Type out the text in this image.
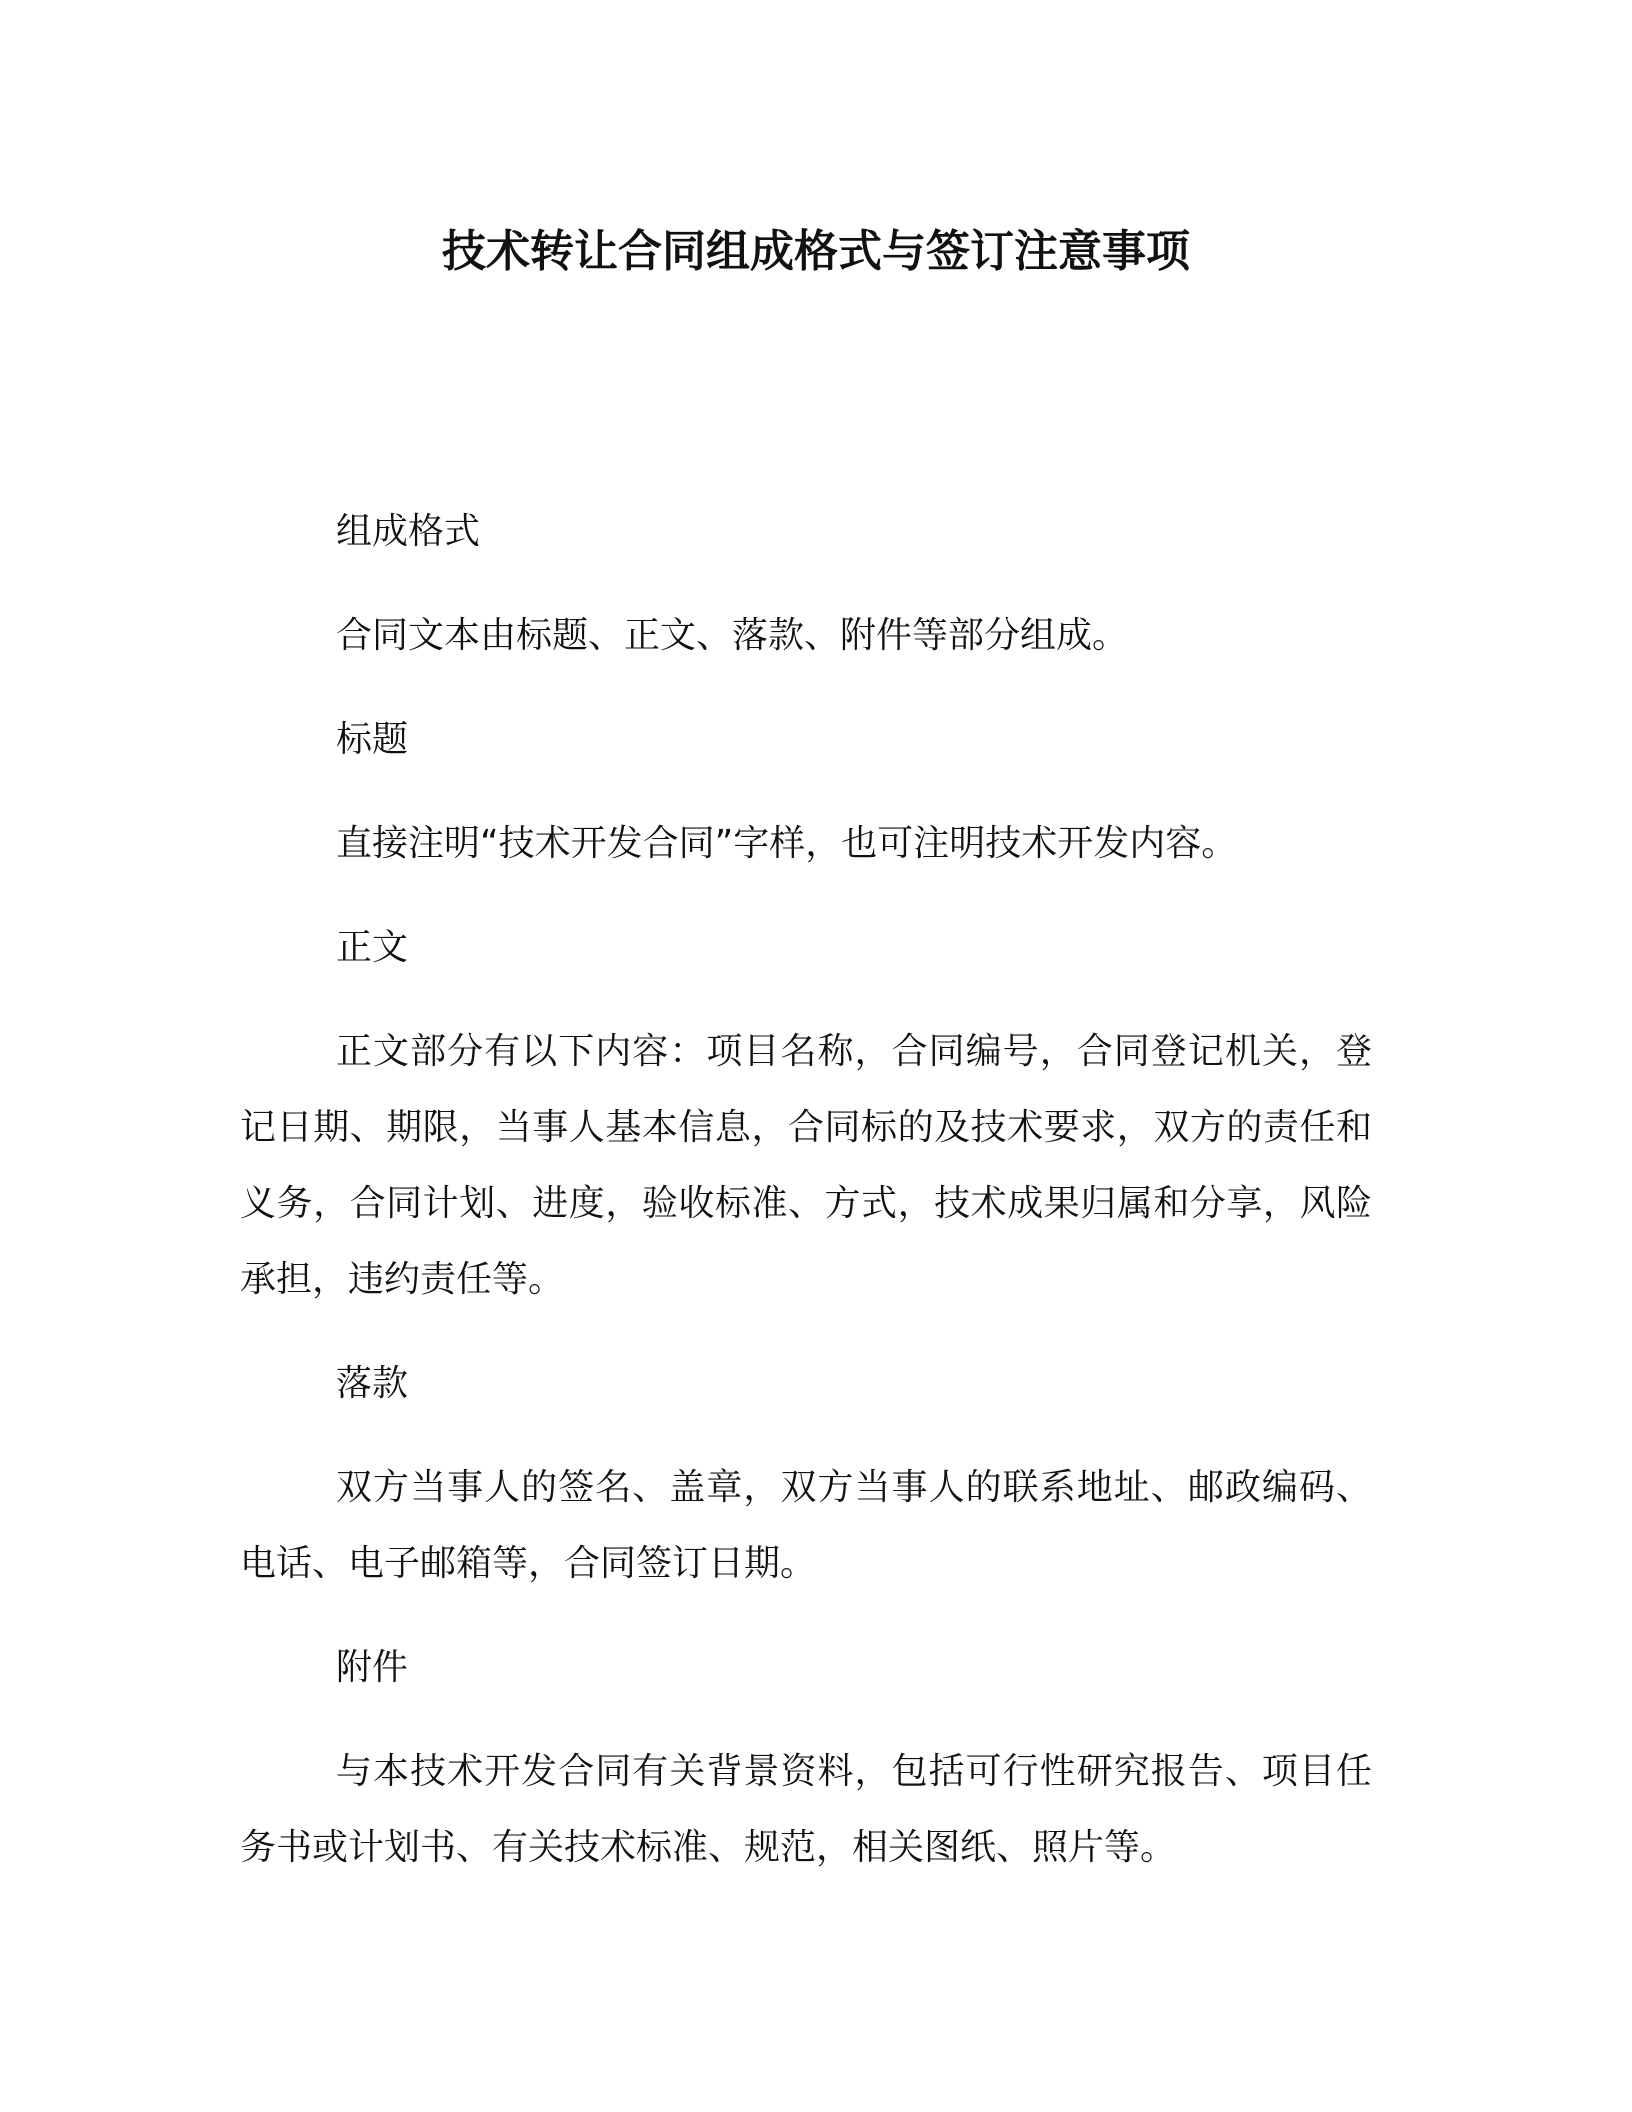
技术转让合同组成格式与签订注意事项

组成格式

合同文本由标题、正文、落款、附件等部分组成。

标题

直接注明“技术开发合同”字样，也可注明技术开发内容。

正文

正文部分有以下内容：项目名称，合同编号，合同登记机关，登记日期、期限，当事人基本信息，合同标的及技术要求，双方的责任和义务，合同计划、进度，验收标准、方式，技术成果归属和分享，风险承担，违约责任等。

落款

双方当事人的签名、盖章，双方当事人的联系地址、邮政编码、电话、电子邮箱等，合同签订日期。

附件

与本技术开发合同有关背景资料，包括可行性研究报告、项目任务书或计划书、有关技术标准、规范，相关图纸、照片等。
